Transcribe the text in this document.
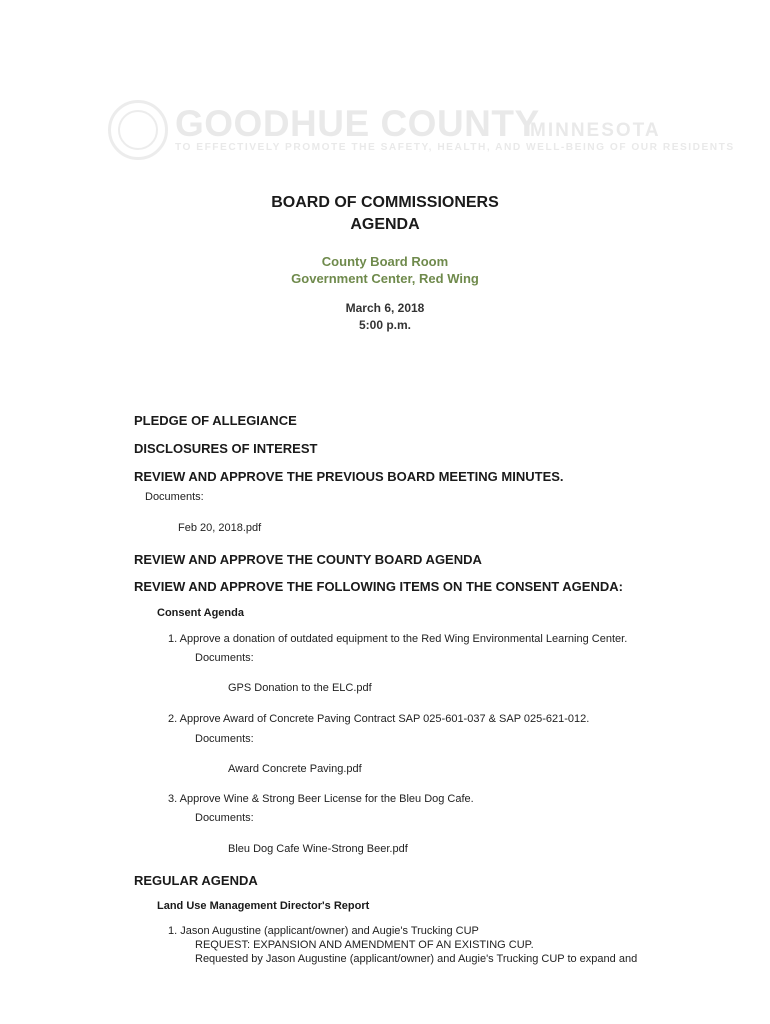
GOODHUE COUNTY
MINNESOTA
TO EFFECTIVELY PROMOTE THE SAFETY, HEALTH, AND WELL-BEING OF OUR RESIDENTS
BOARD OF COMMISSIONERS
AGENDA
County Board Room
Government Center, Red Wing
March 6, 2018
5:00 p.m.
PLEDGE OF ALLEGIANCE
DISCLOSURES OF INTEREST
REVIEW AND APPROVE THE PREVIOUS BOARD MEETING MINUTES.
Documents:
Feb 20, 2018.pdf
REVIEW AND APPROVE THE COUNTY BOARD AGENDA
REVIEW AND APPROVE THE FOLLOWING ITEMS ON THE CONSENT AGENDA:
Consent Agenda
1. Approve a donation of outdated equipment to the Red Wing Environmental Learning Center.
Documents:
GPS Donation to the ELC.pdf
2. Approve Award of Concrete Paving Contract SAP 025-601-037 & SAP 025-621-012.
Documents:
Award Concrete Paving.pdf
3. Approve Wine & Strong Beer License for the Bleu Dog Cafe.
Documents:
Bleu Dog Cafe Wine-Strong Beer.pdf
REGULAR AGENDA
Land Use Management Director's Report
1. Jason Augustine (applicant/owner) and Augie's Trucking CUP
REQUEST: EXPANSION AND AMENDMENT OF AN EXISTING CUP.
Requested by Jason Augustine (applicant/owner) and Augie's Trucking CUP to expand and
